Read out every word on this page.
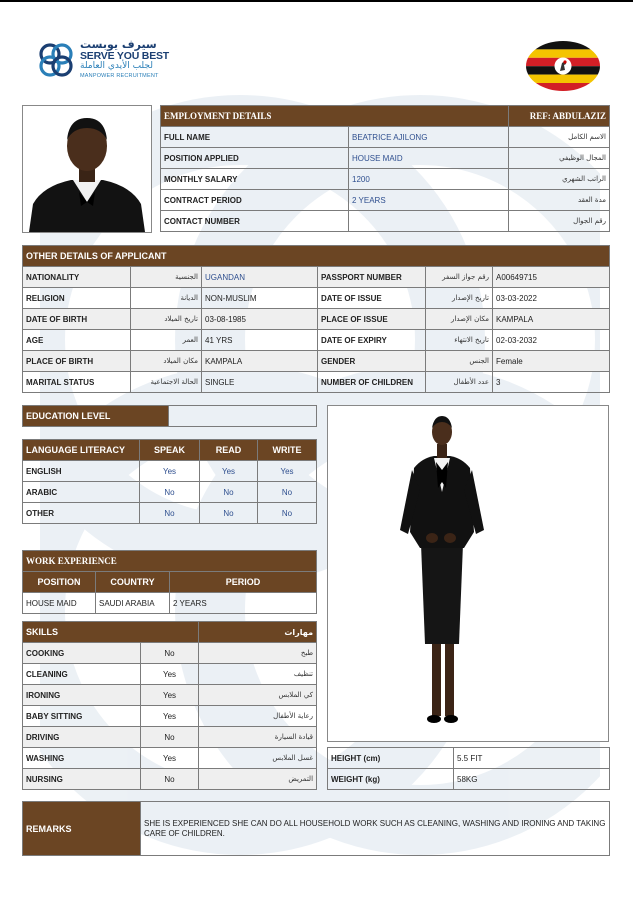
سيرف يوبست
SERVE YOU BEST
لجلب الأيدي العاملة
MANPOWER RECRUITMENT
EMPLOYMENT DETAILS		REF: ABDULAZIZ
FULL NAME	BEATRICE AJILONG	الاسم الكامل
POSITION APPLIED	HOUSE MAID	المجال الوظيفي
MONTHLY SALARY	1200	الراتب الشهري
CONTRACT PERIOD	2 YEARS	مدة العقد
CONTACT NUMBER		رقم الجوال
OTHER DETAILS OF APPLICANT					
NATIONALITY	الجنسية	UGANDAN	PASSPORT NUMBER	رقم جواز السفر	A00649715
RELIGION	الديانة	NON-MUSLIM	DATE OF ISSUE	تاريخ الإصدار	03-03-2022
DATE OF BIRTH	تاريخ الميلاد	03-08-1985	PLACE OF ISSUE	مكان الإصدار	KAMPALA
AGE	العمر	41 YRS	DATE OF EXPIRY	تاريخ الانتهاء	02-03-2032
PLACE OF BIRTH	مكان الميلاد	KAMPALA	GENDER	الجنس	Female
MARITAL STATUS	الحالة الاجتماعية	SINGLE	NUMBER OF CHILDREN	عدد الأطفال	3
EDUCATION LEVEL	
LANGUAGE LITERACY	SPEAK	READ	WRITE
ENGLISH	Yes	Yes	Yes
ARABIC	No	No	No
OTHER	No	No	No
WORK EXPERIENCE		
POSITION	COUNTRY	PERIOD
HOUSE MAID	SAUDI ARABIA	2 YEARS
SKILLS		مهارات
COOKING	No	طبخ
CLEANING	Yes	تنظيف
IRONING	Yes	كي الملابس
BABY SITTING	Yes	رعاية الأطفال
DRIVING	No	قيادة السيارة
WASHING	Yes	غسل الملابس
NURSING	No	التمريض
HEIGHT (cm)	5.5 FIT
WEIGHT (kg)	58KG
REMARKS	SHE IS EXPERIENCED SHE CAN DO ALL HOUSEHOLD WORK SUCH AS CLEANING, WASHING AND IRONING AND TAKING CARE OF CHILDREN.
